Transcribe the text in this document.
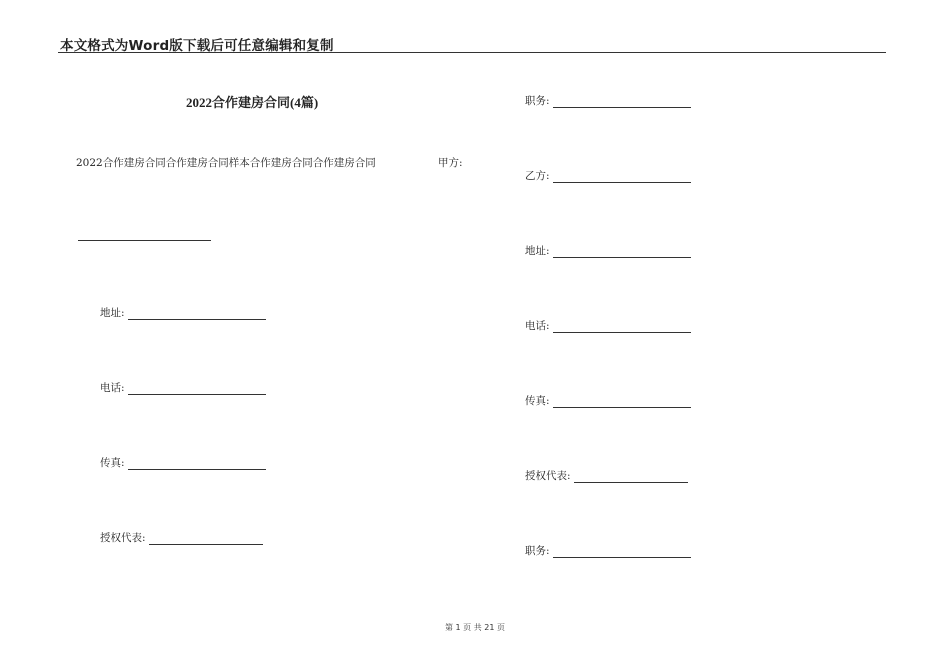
本文格式为Word版下载后可任意编辑和复制
2022合作建房合同(4篇)
2022合作建房合同合作建房合同样本合作建房合同合作建房合同	甲方:
地址:
电话:
传真:
授权代表:
职务:
乙方:
地址:
电话:
传真:
授权代表:
职务:
第 1 页 共 21 页
